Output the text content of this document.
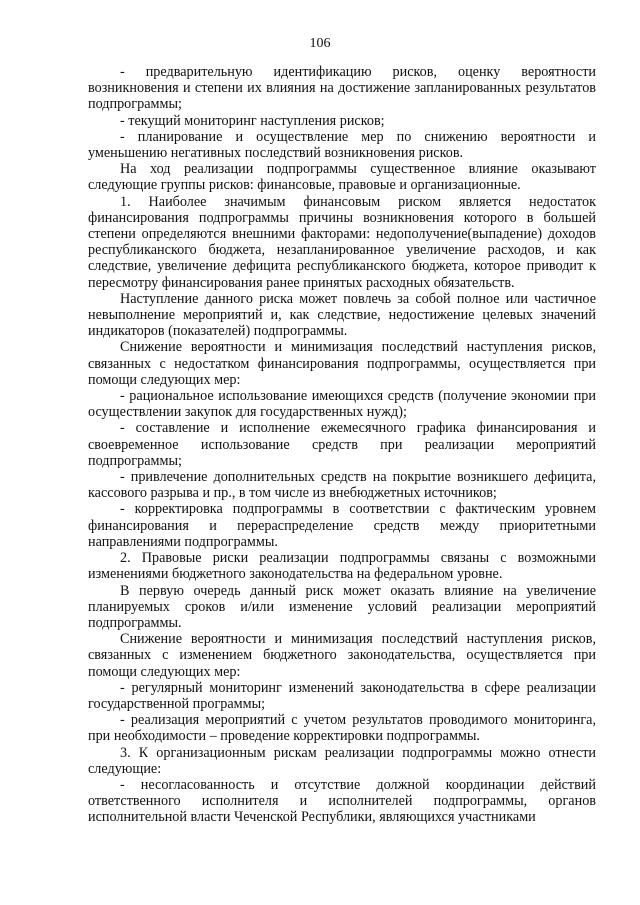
106

- предварительную идентификацию рисков, оценку вероятности возникновения и степени их влияния на достижение запланированных результатов подпрограммы;

- текущий мониторинг наступления рисков;

- планирование и осуществление мер по снижению вероятности и уменьшению негативных последствий возникновения рисков.

На ход реализации подпрограммы существенное влияние оказывают следующие группы рисков: финансовые, правовые и организационные.

1. Наиболее значимым финансовым риском является недостаток финансирования подпрограммы причины возникновения которого в большей степени определяются внешними факторами: недополучение(выпадение) доходов республиканского бюджета, незапланированное увеличение расходов, и как следствие, увеличение дефицита республиканского бюджета, которое приводит к пересмотру финансирования ранее принятых расходных обязательств.

Наступление данного риска может повлечь за собой полное или частичное невыполнение мероприятий и, как следствие, недостижение целевых значений индикаторов (показателей) подпрограммы.

Снижение вероятности и минимизация последствий наступления рисков, связанных с недостатком финансирования подпрограммы, осуществляется при помощи следующих мер:

- рациональное использование имеющихся средств (получение экономии при осуществлении закупок для государственных нужд);

- составление и исполнение ежемесячного графика финансирования и своевременное использование средств при реализации мероприятий подпрограммы;

- привлечение дополнительных средств на покрытие возникшего дефицита, кассового разрыва и пр., в том числе из внебюджетных источников;

- корректировка подпрограммы в соответствии с фактическим уровнем финансирования и перераспределение средств между приоритетными направлениями подпрограммы.

2. Правовые риски реализации подпрограммы связаны с возможными изменениями бюджетного законодательства на федеральном уровне.

В первую очередь данный риск может оказать влияние на увеличение планируемых сроков и/или изменение условий реализации мероприятий подпрограммы.

Снижение вероятности и минимизация последствий наступления рисков, связанных с изменением бюджетного законодательства, осуществляется при помощи следующих мер:

- регулярный мониторинг изменений законодательства в сфере реализации государственной программы;

- реализация мероприятий с учетом результатов проводимого мониторинга, при необходимости – проведение корректировки подпрограммы.

3. К организационным рискам реализации подпрограммы можно отнести следующие:

- несогласованность и отсутствие должной координации действий ответственного исполнителя и исполнителей подпрограммы, органов исполнительной власти Чеченской Республики, являющихся участниками
